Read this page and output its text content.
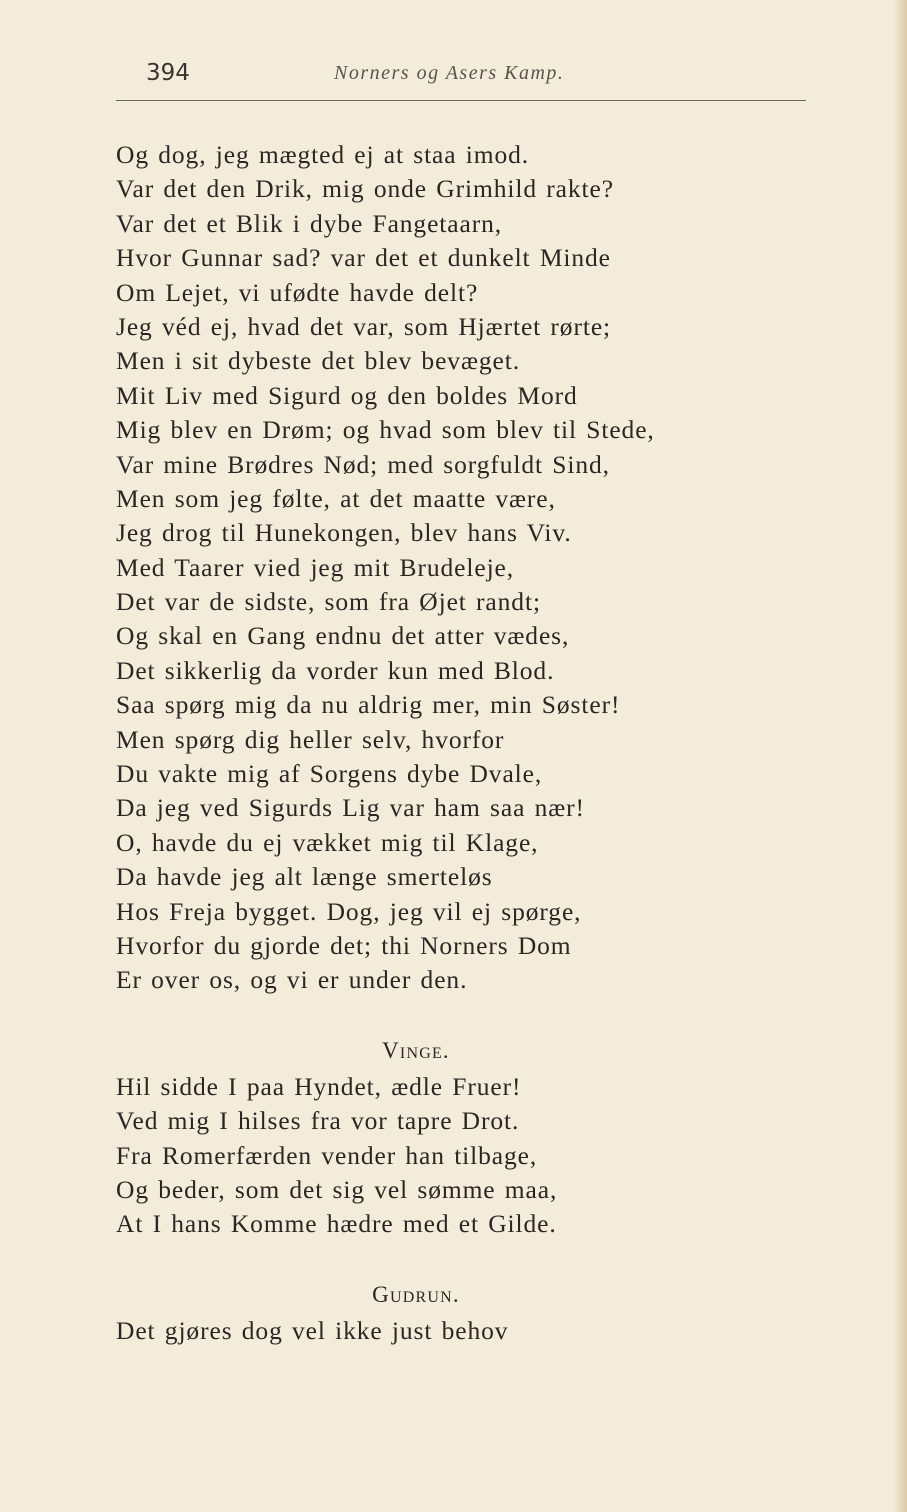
394	Norners og Asers Kamp.
Og dog, jeg mægted ej at staa imod.
Var det den Drik, mig onde Grimhild rakte?
Var det et Blik i dybe Fangetaarn,
Hvor Gunnar sad? var det et dunkelt Minde
Om Lejet, vi ufødte havde delt?
Jeg véd ej, hvad det var, som Hjærtet rørte;
Men i sit dybeste det blev bevæget.
Mit Liv med Sigurd og den boldes Mord
Mig blev en Drøm; og hvad som blev til Stede,
Var mine Brødres Nød; med sorgfuldt Sind,
Men som jeg følte, at det maatte være,
Jeg drog til Hunekongen, blev hans Viv.
Med Taarer vied jeg mit Brudeleje,
Det var de sidste, som fra Øjet randt;
Og skal en Gang endnu det atter vædes,
Det sikkerlig da vorder kun med Blod.
Saa spørg mig da nu aldrig mer, min Søster!
Men spørg dig heller selv, hvorfor
Du vakte mig af Sorgens dybe Dvale,
Da jeg ved Sigurds Lig var ham saa nær!
O, havde du ej vækket mig til Klage,
Da havde jeg alt længe smerteløs
Hos Freja bygget. Dog, jeg vil ej spørge,
Hvorfor du gjorde det; thi Norners Dom
Er over os, og vi er under den.
Vinge.
Hil sidde I paa Hyndet, ædle Fruer!
Ved mig I hilses fra vor tapre Drot.
Fra Romerfærden vender han tilbage,
Og beder, som det sig vel sømme maa,
At I hans Komme hædre med et Gilde.
Gudrun.
Det gjøres dog vel ikke just behov
